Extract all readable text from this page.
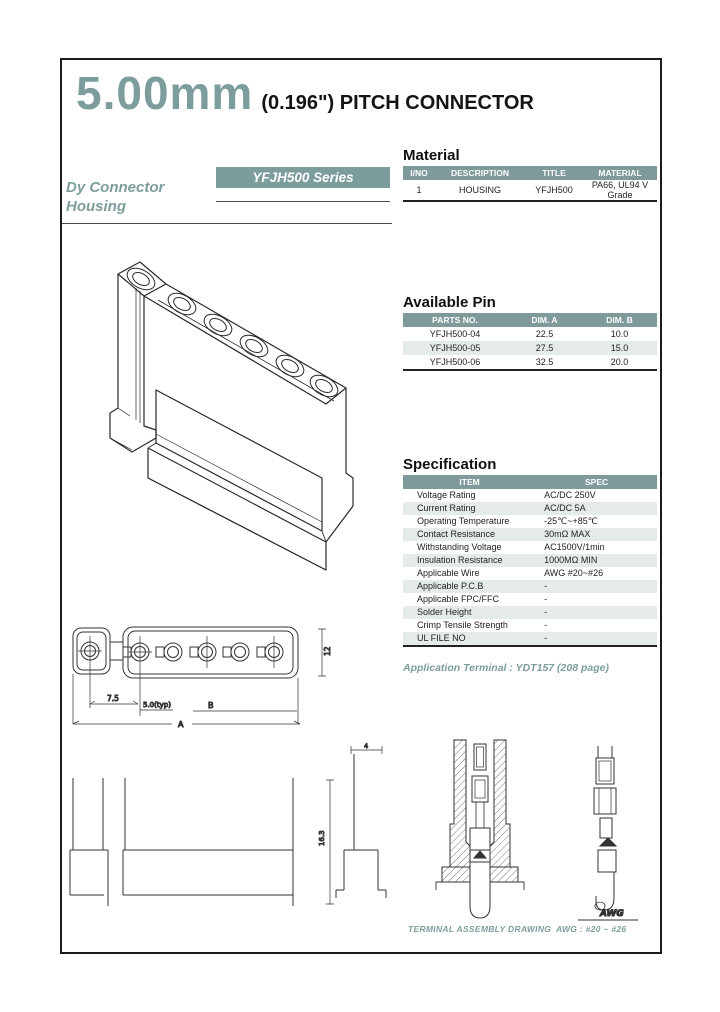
5.00mm (0.196") PITCH CONNECTOR
YFJH500 Series
Dy Connector
Housing
Material
I/NO	DESCRIPTION	TITLE	MATERIAL
1	HOUSING	YFJH500	PA66, UL94 V Grade
Available Pin
PARTS NO.	DIM. A	DIM. B
YFJH500-04	22.5	10.0
YFJH500-05	27.5	15.0
YFJH500-06	32.5	20.0
Specification
ITEM	SPEC
Voltage Rating	AC/DC 250V
Current Rating	AC/DC 5A
Operating Temperature	-25℃~+85℃
Contact Resistance	30mΩ MAX
Withstanding Voltage	AC1500V/1min
Insulation Resistance	1000MΩ MIN
Applicable Wire	AWG #20~#26
Applicable P.C.B	-
Applicable FPC/FFC	-
Solder Height	-
Crimp Tensile Strength	-
UL FILE NO	-
Application Terminal : YDT157 (208 page)
7.5
5.0(typ)	B
A
12
16.3
4
AWG
TERMINAL ASSEMBLY DRAWING AWG : #20 ~ #26
